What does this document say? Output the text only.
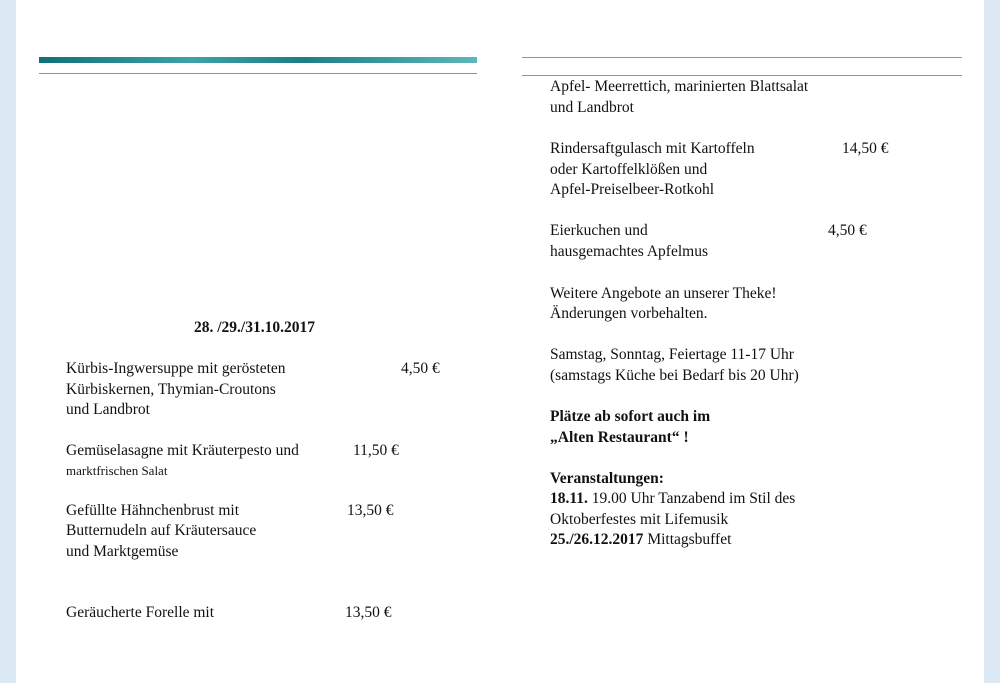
28. /29./31.10.2017
Kürbis-Ingwersuppe mit gerösteten
Kürbiskernen, Thymian-Croutons
und Landbrot
4,50 €
Gemüselasagne mit Kräuterpesto und
marktfrischen Salat
11,50 €
Gefüllte Hähnchenbrust mit
Butternudeln auf Kräutersauce
und Marktgemüse
13,50 €
Geräucherte Forelle mit	13,50 €
Apfel- Meerrettich, marinierten Blattsalat
und Landbrot
Rindersaftgulasch mit Kartoffeln
oder Kartoffelklößen und
Apfel-Preiselbeer-Rotkohl
14,50 €
Eierkuchen und
hausgemachtes Apfelmus
4,50 €
Weitere Angebote an unserer Theke!
Änderungen vorbehalten.
Samstag, Sonntag, Feiertage 11-17 Uhr
(samstags Küche bei Bedarf bis 20 Uhr)
Plätze ab sofort auch im
„Alten Restaurant“ !
Veranstaltungen:
18.11. 19.00 Uhr Tanzabend im Stil des
Oktoberfestes mit Lifemusik
25./26.12.2017 Mittagsbuffet
